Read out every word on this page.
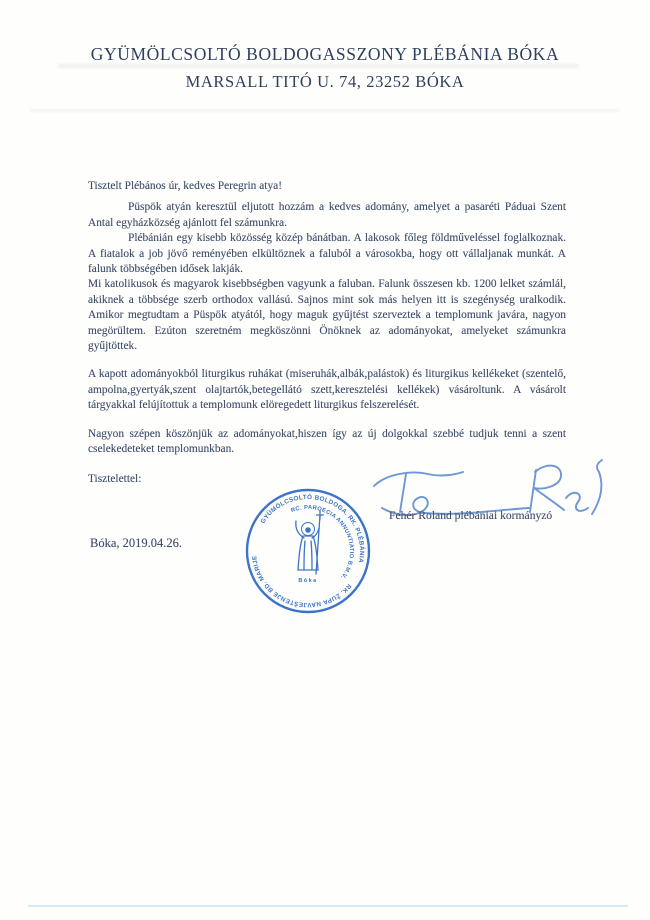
GYÜMÖLCSOLTÓ BOLDOGASSZONY PLÉBÁNIA BÓKA
MARSALL TITÓ U. 74, 23252 BÓKA

Tisztelt Plébános úr, kedves Peregrin atya!

Püspök atyán keresztül eljutott hozzám a kedves adomány, amelyet a pasaréti Páduai Szent Antal egyházközség ajánlott fel számunkra.

Plébánián egy kisebb közösség közép bánátban. A lakosok főleg földműveléssel foglalkoznak. A fiatalok a job jövő reményében elkültöznek a faluból a városokba, hogy ott vállaljanak munkát. A falunk többségében idősek lakják.

Mi katolikusok és magyarok kisebbségben vagyunk a faluban. Falunk összesen kb. 1200 lelket számlál, akiknek a többsége szerb orthodox vallású. Sajnos mint sok más helyen itt is szegénység uralkodik. Amikor megtudtam a Püspök atyától, hogy maguk gyűjtést szerveztek a templomunk javára, nagyon megörültem. Ezúton szeretném megköszönni Önöknek az adományokat, amelyeket számunkra gyűjtöttek.

A kapott adományokból liturgikus ruhákat (miseruhák,albák,palástok) és liturgikus kellékeket (szentelő, ampolna,gyertyák,szent olajtartók,betegellátó szett,keresztelési kellékek) vásároltunk. A vásárolt tárgyakkal felújítottuk a templomunk elöregedett liturgikus felszerelését.

Nagyon szépen köszönjük az adományokat,hiszen így az új dolgokkal szebbé tudjuk tenni a szent cselekedeteket templomunkban.

Tisztelettel:

Fehér Roland plébániai kormányzó
Bóka, 2019.04.26.
GYÜMÖLCSOLTÓ BOLDOGA. RK. PLÉBÁNIA
RK. ŽUPA NAVJEŠTENJE BD. MARIJE
RC. PAROECIA ANNUNTIATIO B.M.V.
Bóka
